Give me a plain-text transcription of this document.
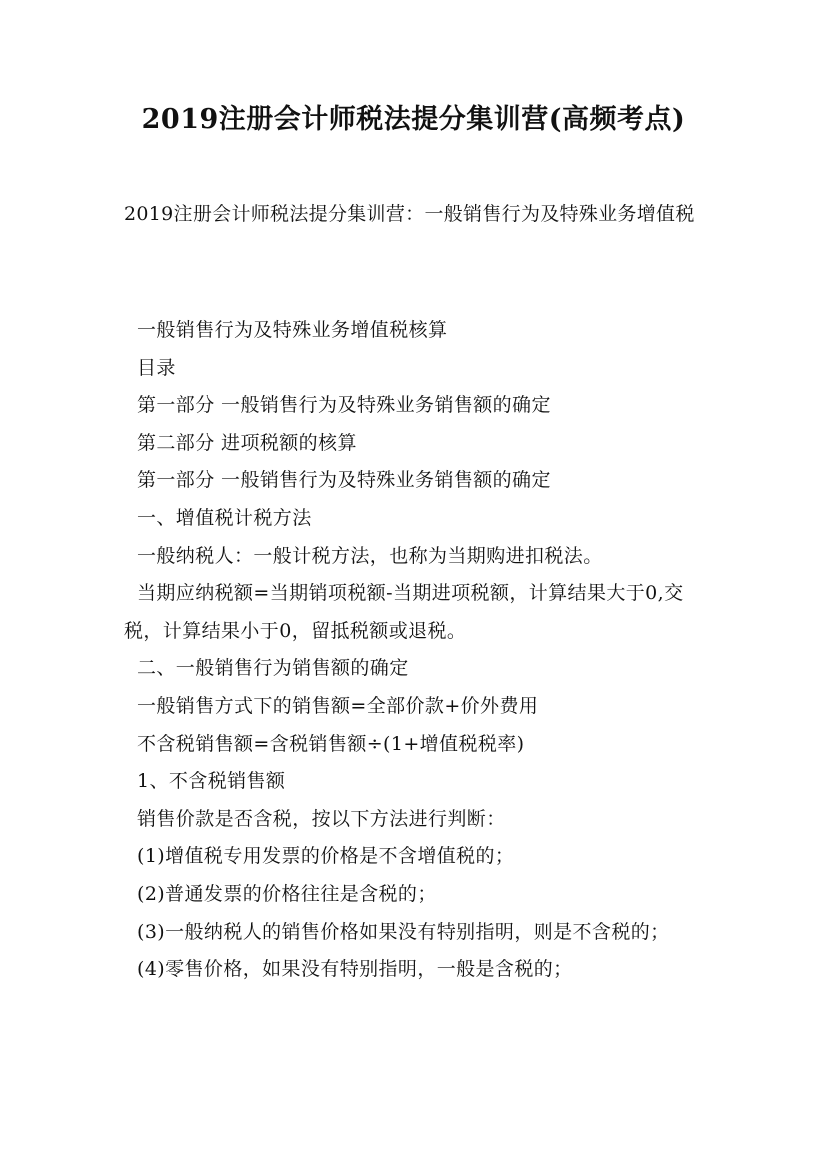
2019注册会计师税法提分集训营(高频考点)
2019注册会计师税法提分集训营：一般销售行为及特殊业务增值税
一般销售行为及特殊业务增值税核算
目录
第一部分 一般销售行为及特殊业务销售额的确定
第二部分 进项税额的核算
第一部分 一般销售行为及特殊业务销售额的确定
一、增值税计税方法
一般纳税人：一般计税方法，也称为当期购进扣税法。
当期应纳税额=当期销项税额-当期进项税额，计算结果大于0,交税，计算结果小于0，留抵税额或退税。
二、一般销售行为销售额的确定
一般销售方式下的销售额=全部价款+价外费用
不含税销售额=含税销售额÷(1+增值税税率)
1、不含税销售额
销售价款是否含税，按以下方法进行判断：
(1)增值税专用发票的价格是不含增值税的；
(2)普通发票的价格往往是含税的；
(3)一般纳税人的销售价格如果没有特别指明，则是不含税的；
(4)零售价格，如果没有特别指明，一般是含税的；
